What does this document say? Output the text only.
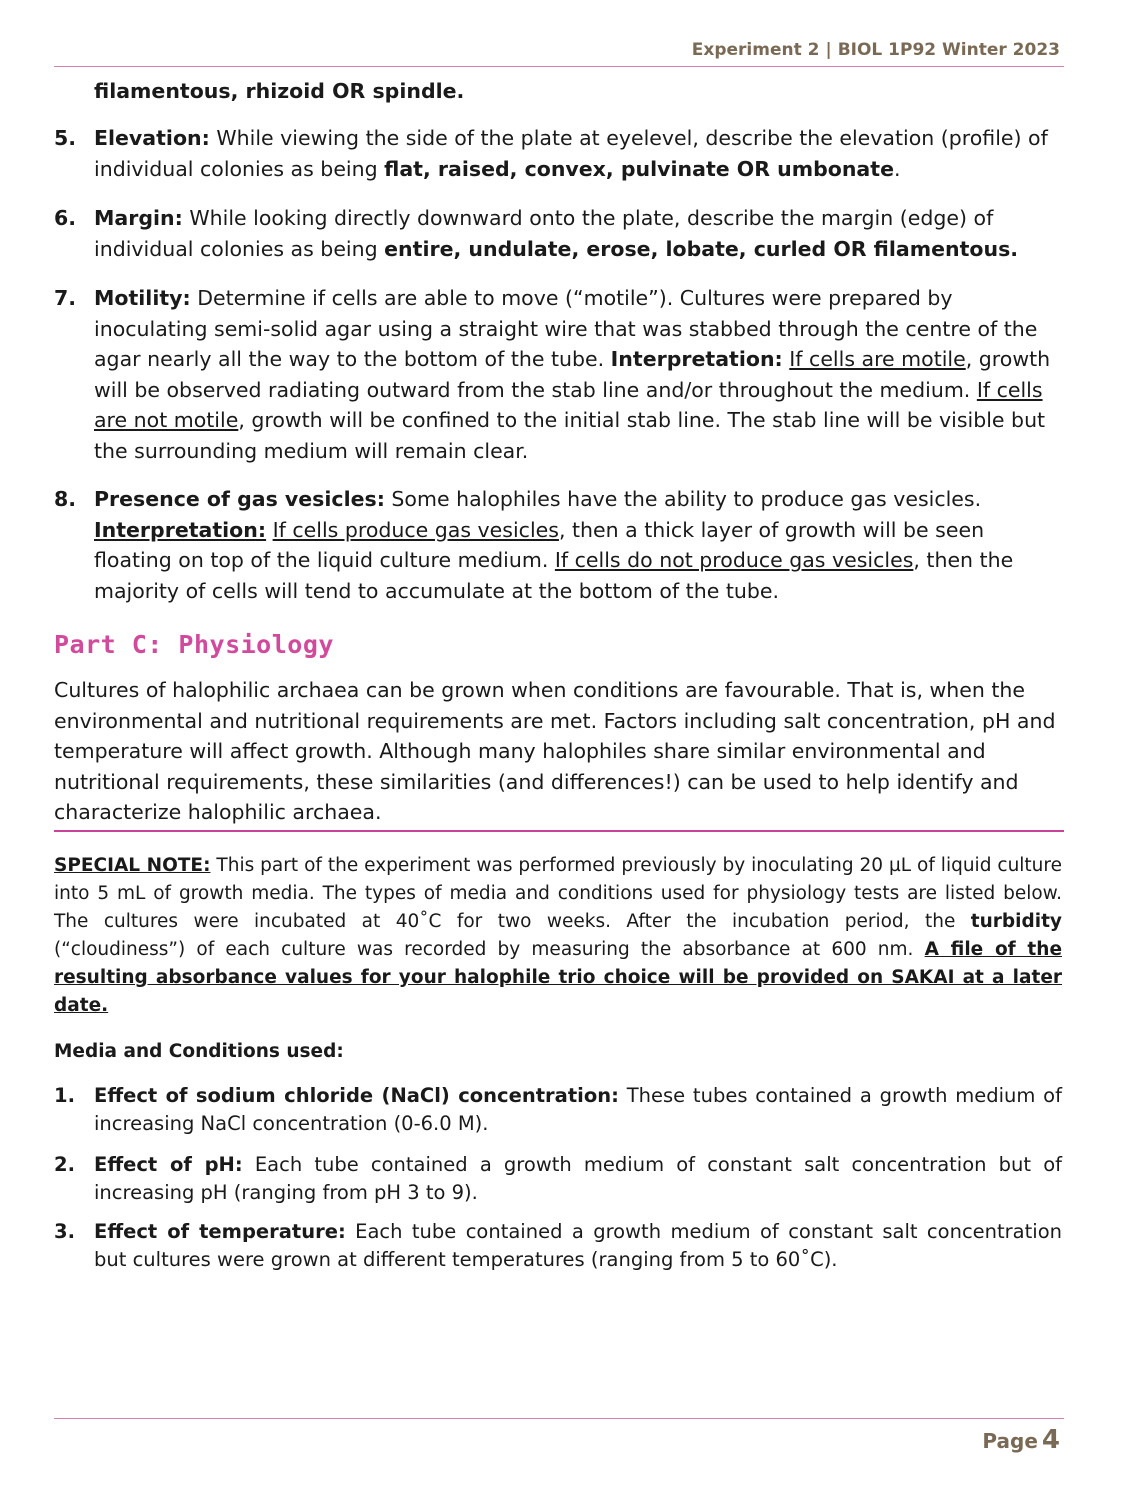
Experiment 2 | BIOL 1P92 Winter 2023
filamentous, rhizoid OR spindle.
5. Elevation: While viewing the side of the plate at eyelevel, describe the elevation (profile) of individual colonies as being flat, raised, convex, pulvinate OR umbonate.
6. Margin: While looking directly downward onto the plate, describe the margin (edge) of individual colonies as being entire, undulate, erose, lobate, curled OR filamentous.
7. Motility: Determine if cells are able to move (“motile”). Cultures were prepared by inoculating semi-solid agar using a straight wire that was stabbed through the centre of the agar nearly all the way to the bottom of the tube. Interpretation: If cells are motile, growth will be observed radiating outward from the stab line and/or throughout the medium. If cells are not motile, growth will be confined to the initial stab line. The stab line will be visible but the surrounding medium will remain clear.
8. Presence of gas vesicles: Some halophiles have the ability to produce gas vesicles. Interpretation: If cells produce gas vesicles, then a thick layer of growth will be seen floating on top of the liquid culture medium. If cells do not produce gas vesicles, then the majority of cells will tend to accumulate at the bottom of the tube.
Part C: Physiology

Cultures of halophilic archaea can be grown when conditions are favourable. That is, when the environmental and nutritional requirements are met. Factors including salt concentration, pH and temperature will affect growth. Although many halophiles share similar environmental and nutritional requirements, these similarities (and differences!) can be used to help identify and characterize halophilic archaea.

SPECIAL NOTE: This part of the experiment was performed previously by inoculating 20 µL of liquid culture into 5 mL of growth media. The types of media and conditions used for physiology tests are listed below. The cultures were incubated at 40˚C for two weeks. After the incubation period, the turbidity (“cloudiness”) of each culture was recorded by measuring the absorbance at 600 nm. A file of the resulting absorbance values for your halophile trio choice will be provided on SAKAI at a later date.

Media and Conditions used:
1. Effect of sodium chloride (NaCl) concentration: These tubes contained a growth medium of increasing NaCl concentration (0-6.0 M).
2. Effect of pH: Each tube contained a growth medium of constant salt concentration but of increasing pH (ranging from pH 3 to 9).
3. Effect of temperature: Each tube contained a growth medium of constant salt concentration but cultures were grown at different temperatures (ranging from 5 to 60˚C).
Page 4
